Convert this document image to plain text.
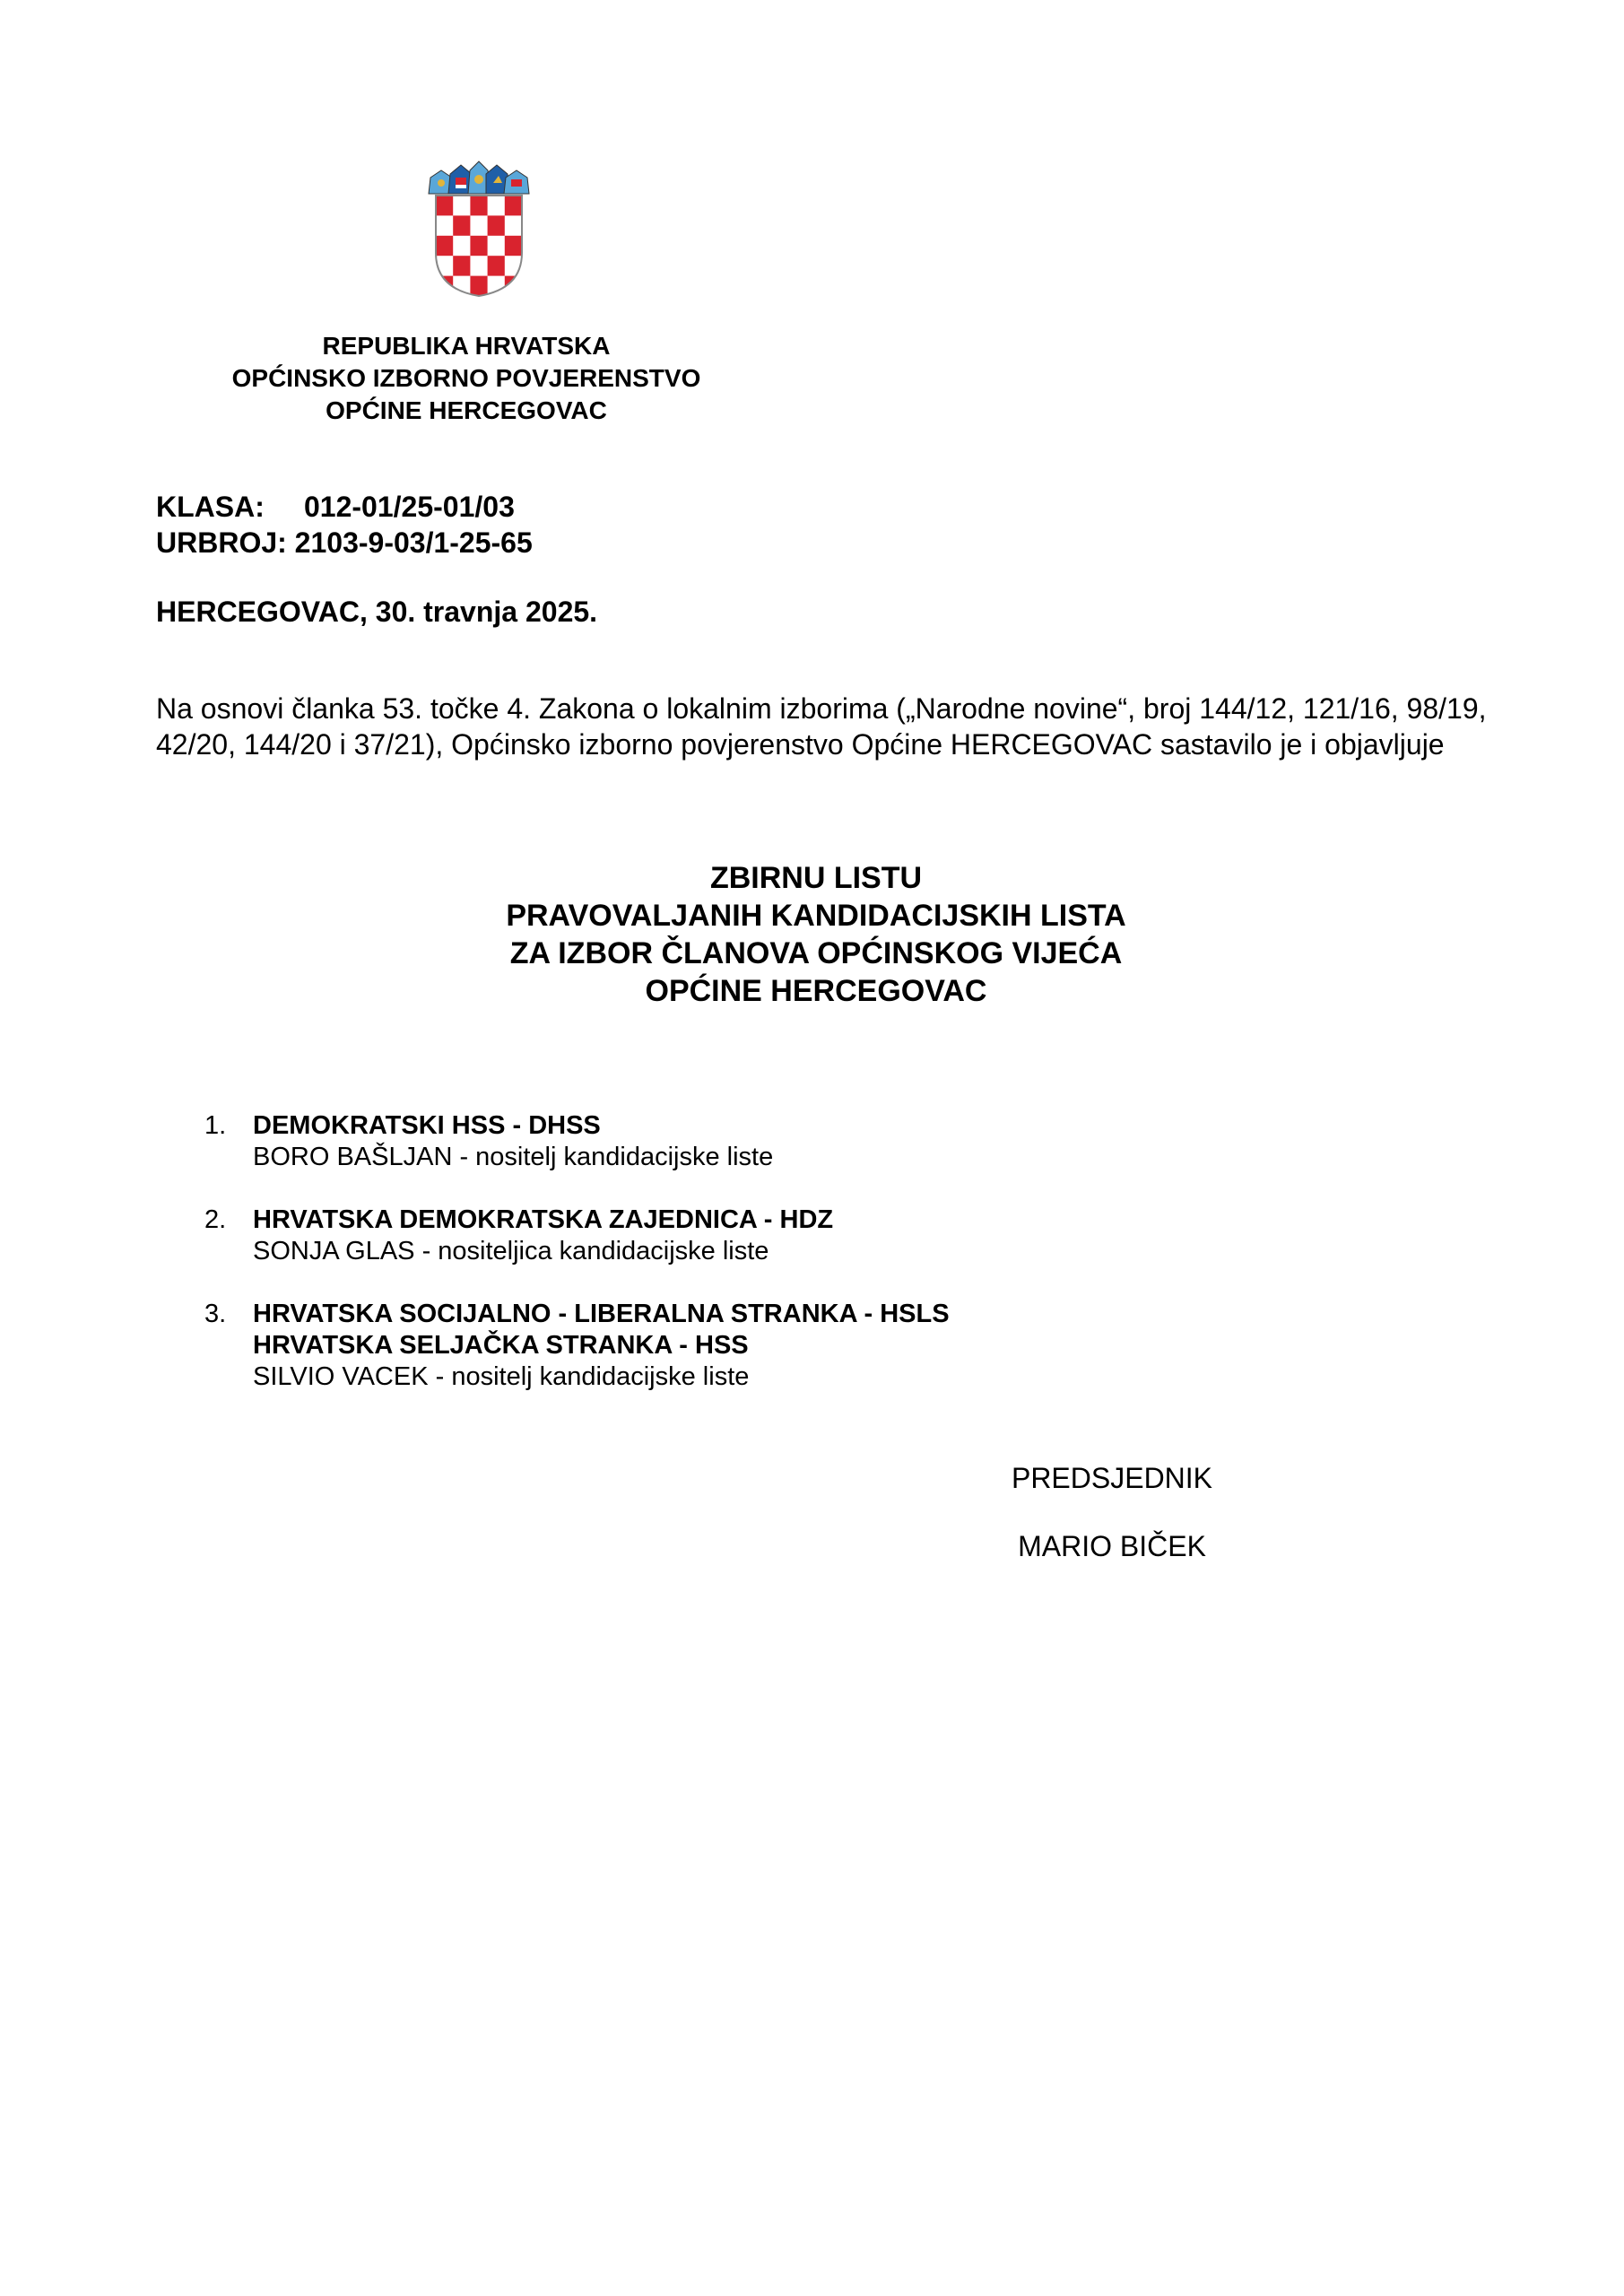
REPUBLIKA HRVATSKA
OPĆINSKO IZBORNO POVJERENSTVO
OPĆINE HERCEGOVAC
KLASA: 012-01/25-01/03
URBROJ: 2103-9-03/1-25-65
HERCEGOVAC, 30. travnja 2025.
Na osnovi članka 53. točke 4. Zakona o lokalnim izborima („Narodne novine“, broj 144/12, 121/16, 98/19, 42/20, 144/20 i 37/21), Općinsko izborno povjerenstvo Općine HERCEGOVAC sastavilo je i objavljuje
ZBIRNU LISTU
PRAVOVALJANIH KANDIDACIJSKIH LISTA
ZA IZBOR ČLANOVA OPĆINSKOG VIJEĆA
OPĆINE HERCEGOVAC
1. DEMOKRATSKI HSS - DHSS
BORO BAŠLJAN - nositelj kandidacijske liste
2. HRVATSKA DEMOKRATSKA ZAJEDNICA - HDZ
SONJA GLAS - nositeljica kandidacijske liste
3. HRVATSKA SOCIJALNO - LIBERALNA STRANKA - HSLS
HRVATSKA SELJAČKA STRANKA - HSS
SILVIO VACEK - nositelj kandidacijske liste
PREDSJEDNIK
MARIO BIČEK
